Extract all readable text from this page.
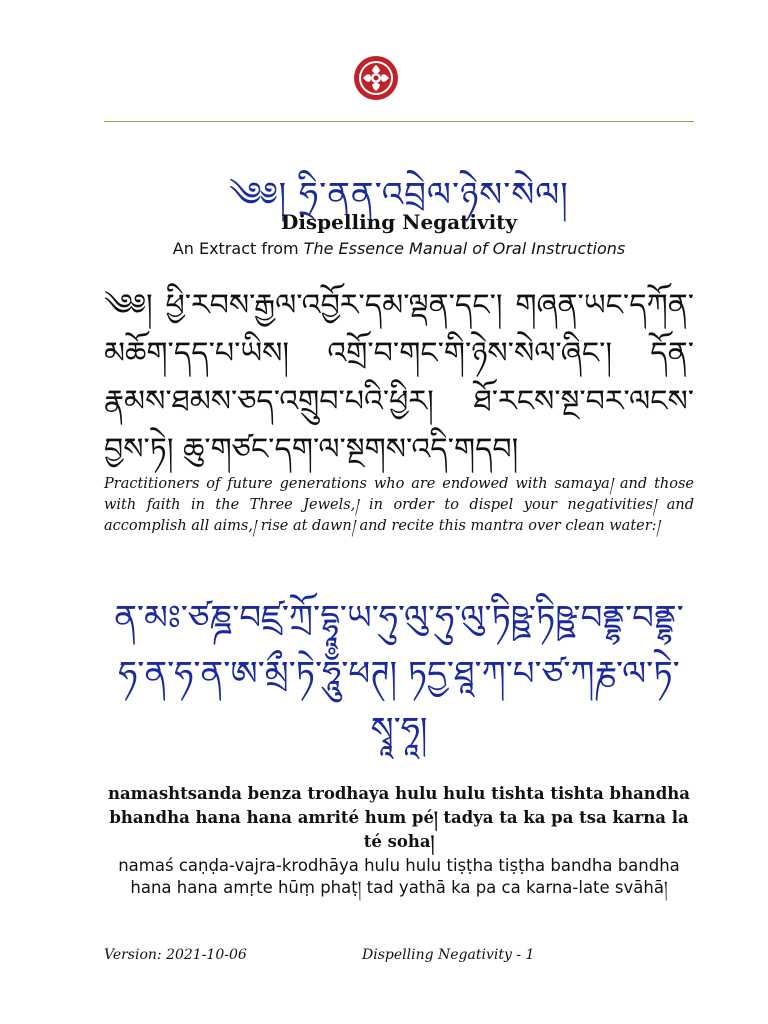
༄༅། ཧྲི་ནན་འབྲེལ་ཉེས་སེལ།
Dispelling Negativity
An Extract from The Essence Manual of Oral Instructions
༄༅། ཕྱི་རབས་རྒྱལ་འབྱོར་དམ་ལྡན་དང་། གཞན་ཡང་དཀོན་མཆོག་དད་པ་ཡིས། འགྲོ་བ་གང་གི་ཉེས་སེལ་ཞིང་། དོན་རྣམས་ཐམས་ཅད་འགྲུབ་པའི་ཕྱིར། ཐོ་རངས་སྔ་བར་ལངས་བྱས་ཏེ། ཆུ་གཙང་དག་ལ་སྔགས་འདི་གདབ།
Practitioners of future generations who are endowed with samaya། and those with faith in the Three Jewels,། in order to dispel your negativities། and accomplish all aims,། rise at dawn། and recite this mantra over clean water:།
ན་མཿ་ཙཎྜ་བཛྲ་ཀྲོ་དྷཱ་ཡ་ཧུ་ལུ་ཧུ་ལུ་ཏིཥྛ་ཏིཥྛ་བནྡྷ་བནྡྷ་ཧ་ན་ཧ་ན་ཨ་མྲྀ་ཏེ་ཧཱུྃ་ཕཊ། ཏདྱ་ཐཱ་ཀ་པ་ཙ་ཀརྞ་ལ་ཏེ་སྭཱ་ཧཱ།
namashtsanda benza trodhaya hulu hulu tishta tishta bhandha bhandha hana hana amrité hum pé། tadya ta ka pa tsa karna la té soha།
namaś caṇḍa-vajra-krodhāya hulu hulu tiṣṭha tiṣṭha bandha bandha hana hana amṛte hūṃ phaṭ། tad yathā ka pa ca karna-late svāhā།
Version: 2021-10-06	Dispelling Negativity - 1
